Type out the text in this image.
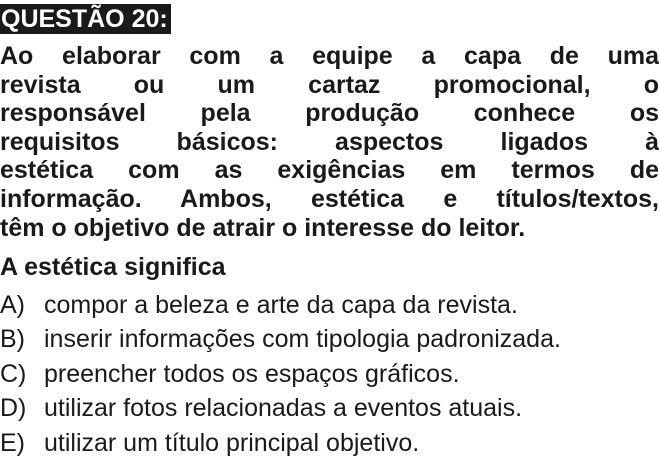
QUESTÃO 20:
Ao elaborar com a equipe a capa de uma
revista ou um cartaz promocional, o
responsável pela produção conhece os
requisitos básicos: aspectos ligados à
estética com as exigências em termos de
informação. Ambos, estética e títulos/textos,
têm o objetivo de atrair o interesse do leitor.
A estética significa
A) compor a beleza e arte da capa da revista.
B) inserir informações com tipologia padronizada.
C) preencher todos os espaços gráficos.
D) utilizar fotos relacionadas a eventos atuais.
E) utilizar um título principal objetivo.
